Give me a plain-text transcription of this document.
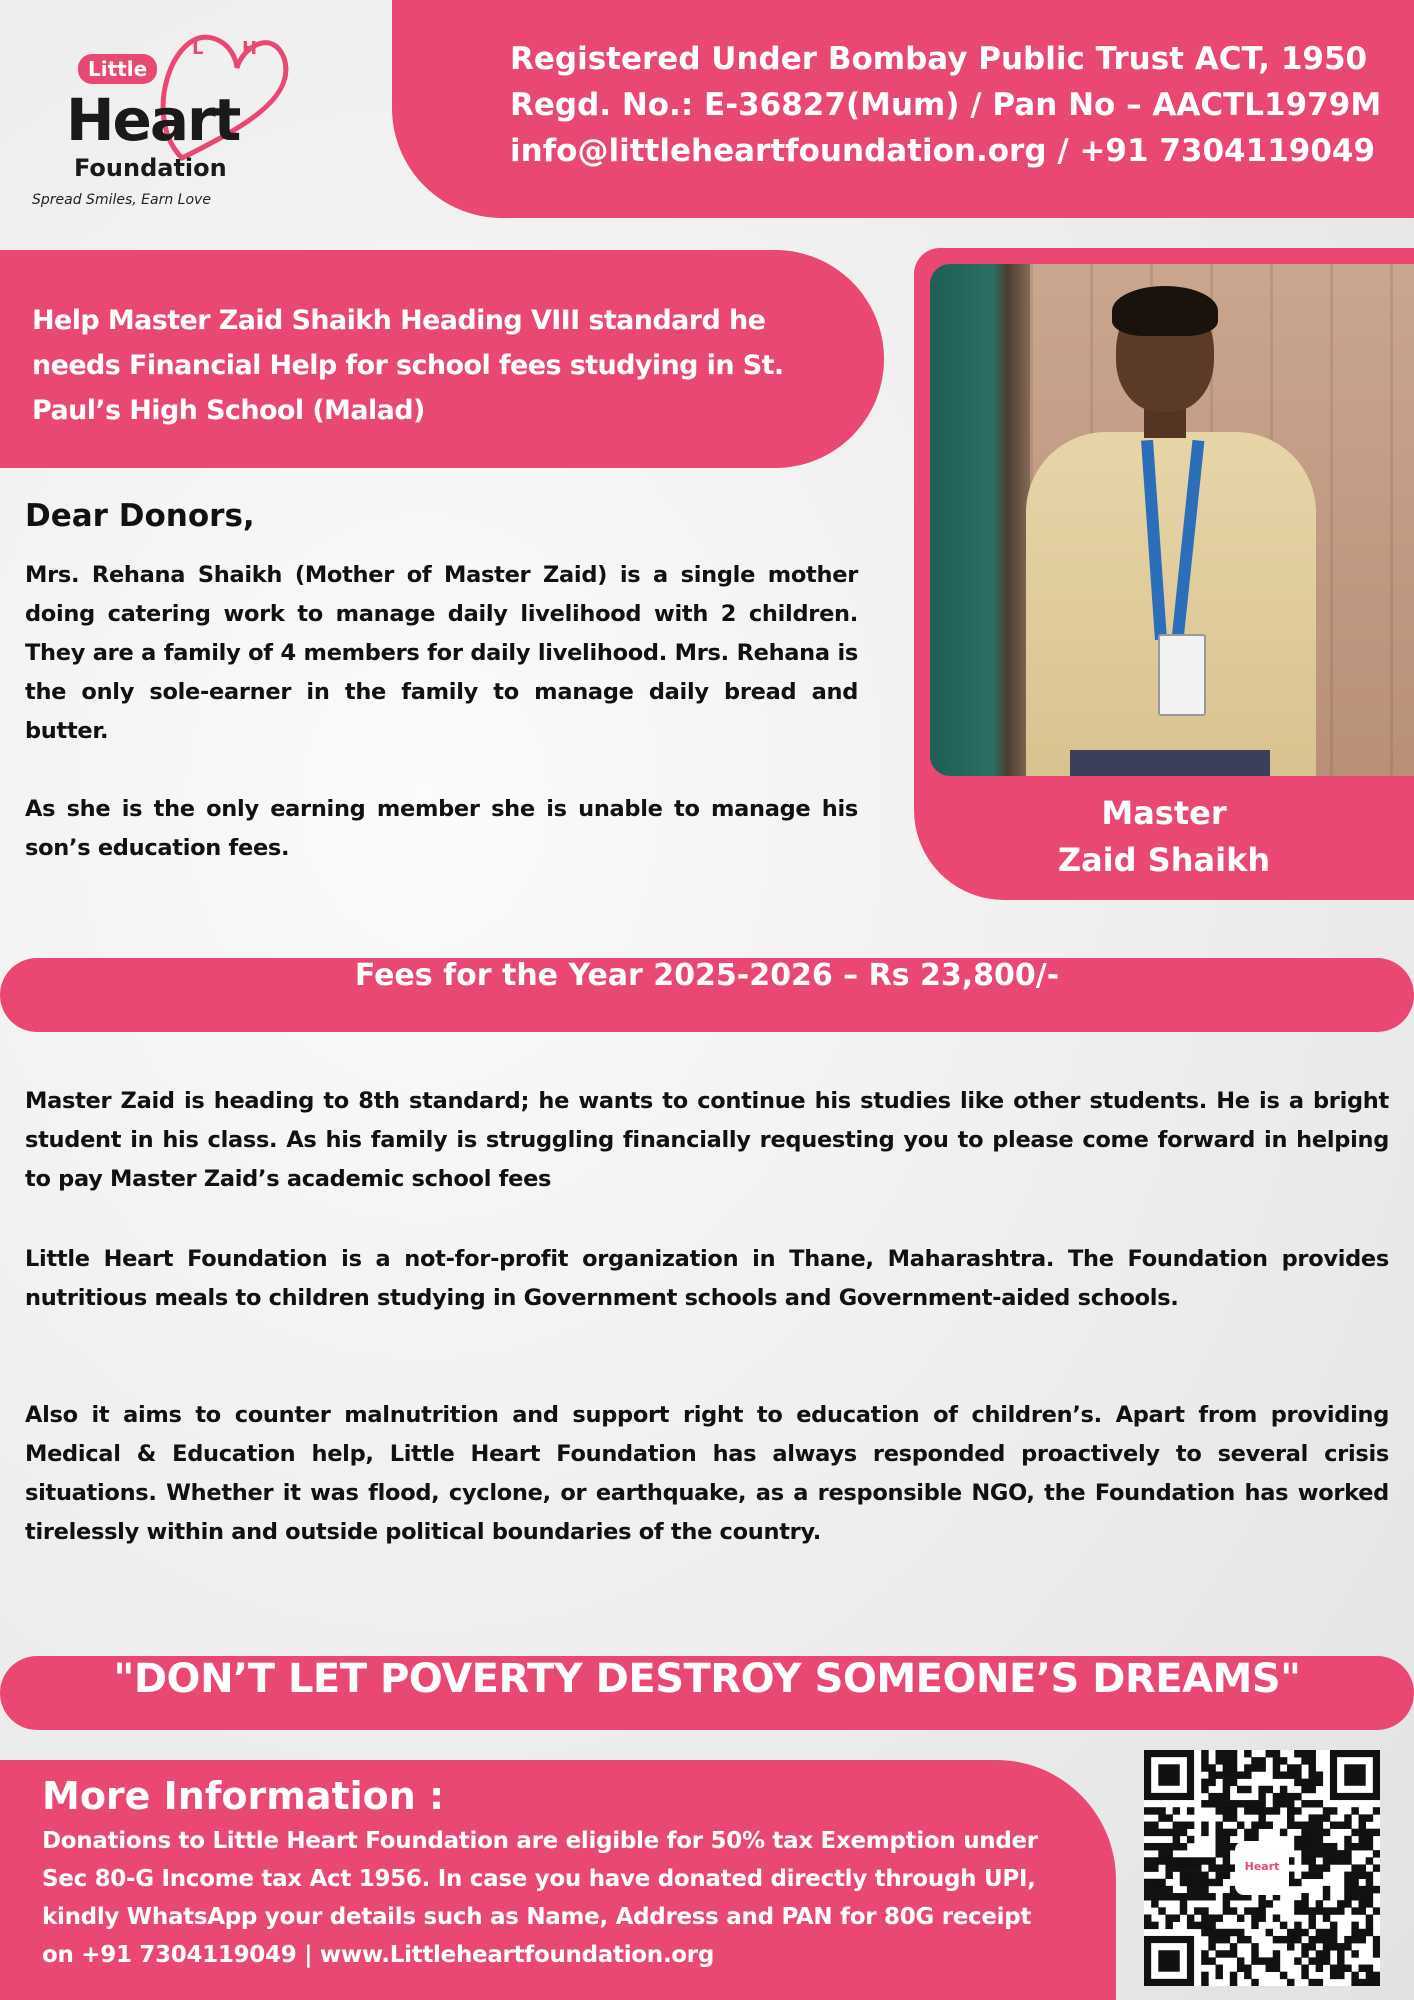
Little
L H
Heart
Foundation
Spread Smiles, Earn Love
Registered Under Bombay Public Trust ACT, 1950
Regd. No.: E-36827(Mum) / Pan No – AACTL1979M
info@littleheartfoundation.org / +91 7304119049
Help Master Zaid Shaikh Heading VIII standard he needs Financial Help for school fees studying in St. Paul’s High School (Malad)
Master
Zaid Shaikh
Dear Donors,
Mrs. Rehana Shaikh (Mother of Master Zaid) is a single mother doing catering work to manage daily livelihood with 2 children. They are a family of 4 members for daily livelihood. Mrs. Rehana is the only sole-earner in the family to manage daily bread and butter.
As she is the only earning member she is unable to manage his son’s education fees.
Fees for the Year 2025-2026 – Rs 23,800/-
Master Zaid is heading to 8th standard; he wants to continue his studies like other students. He is a bright student in his class. As his family is struggling financially requesting you to please come forward in helping to pay Master Zaid’s academic school fees
Little Heart Foundation is a not-for-profit organization in Thane, Maharashtra. The Foundation provides nutritious meals to children studying in Government schools and Government-aided schools.
Also it aims to counter malnutrition and support right to education of children’s. Apart from providing Medical & Education help, Little Heart Foundation has always responded proactively to several crisis situations. Whether it was flood, cyclone, or earthquake, as a responsible NGO, the Foundation has worked tirelessly within and outside political boundaries of the country.
"DON’T LET POVERTY DESTROY SOMEONE’S DREAMS"
More Information :
Donations to Little Heart Foundation are eligible for 50% tax Exemption under Sec 80-G Income tax Act 1956. In case you have donated directly through UPI, kindly WhatsApp your details such as Name, Address and PAN for 80G receipt on +91 7304119049 | www.Littleheartfoundation.org
Heart
